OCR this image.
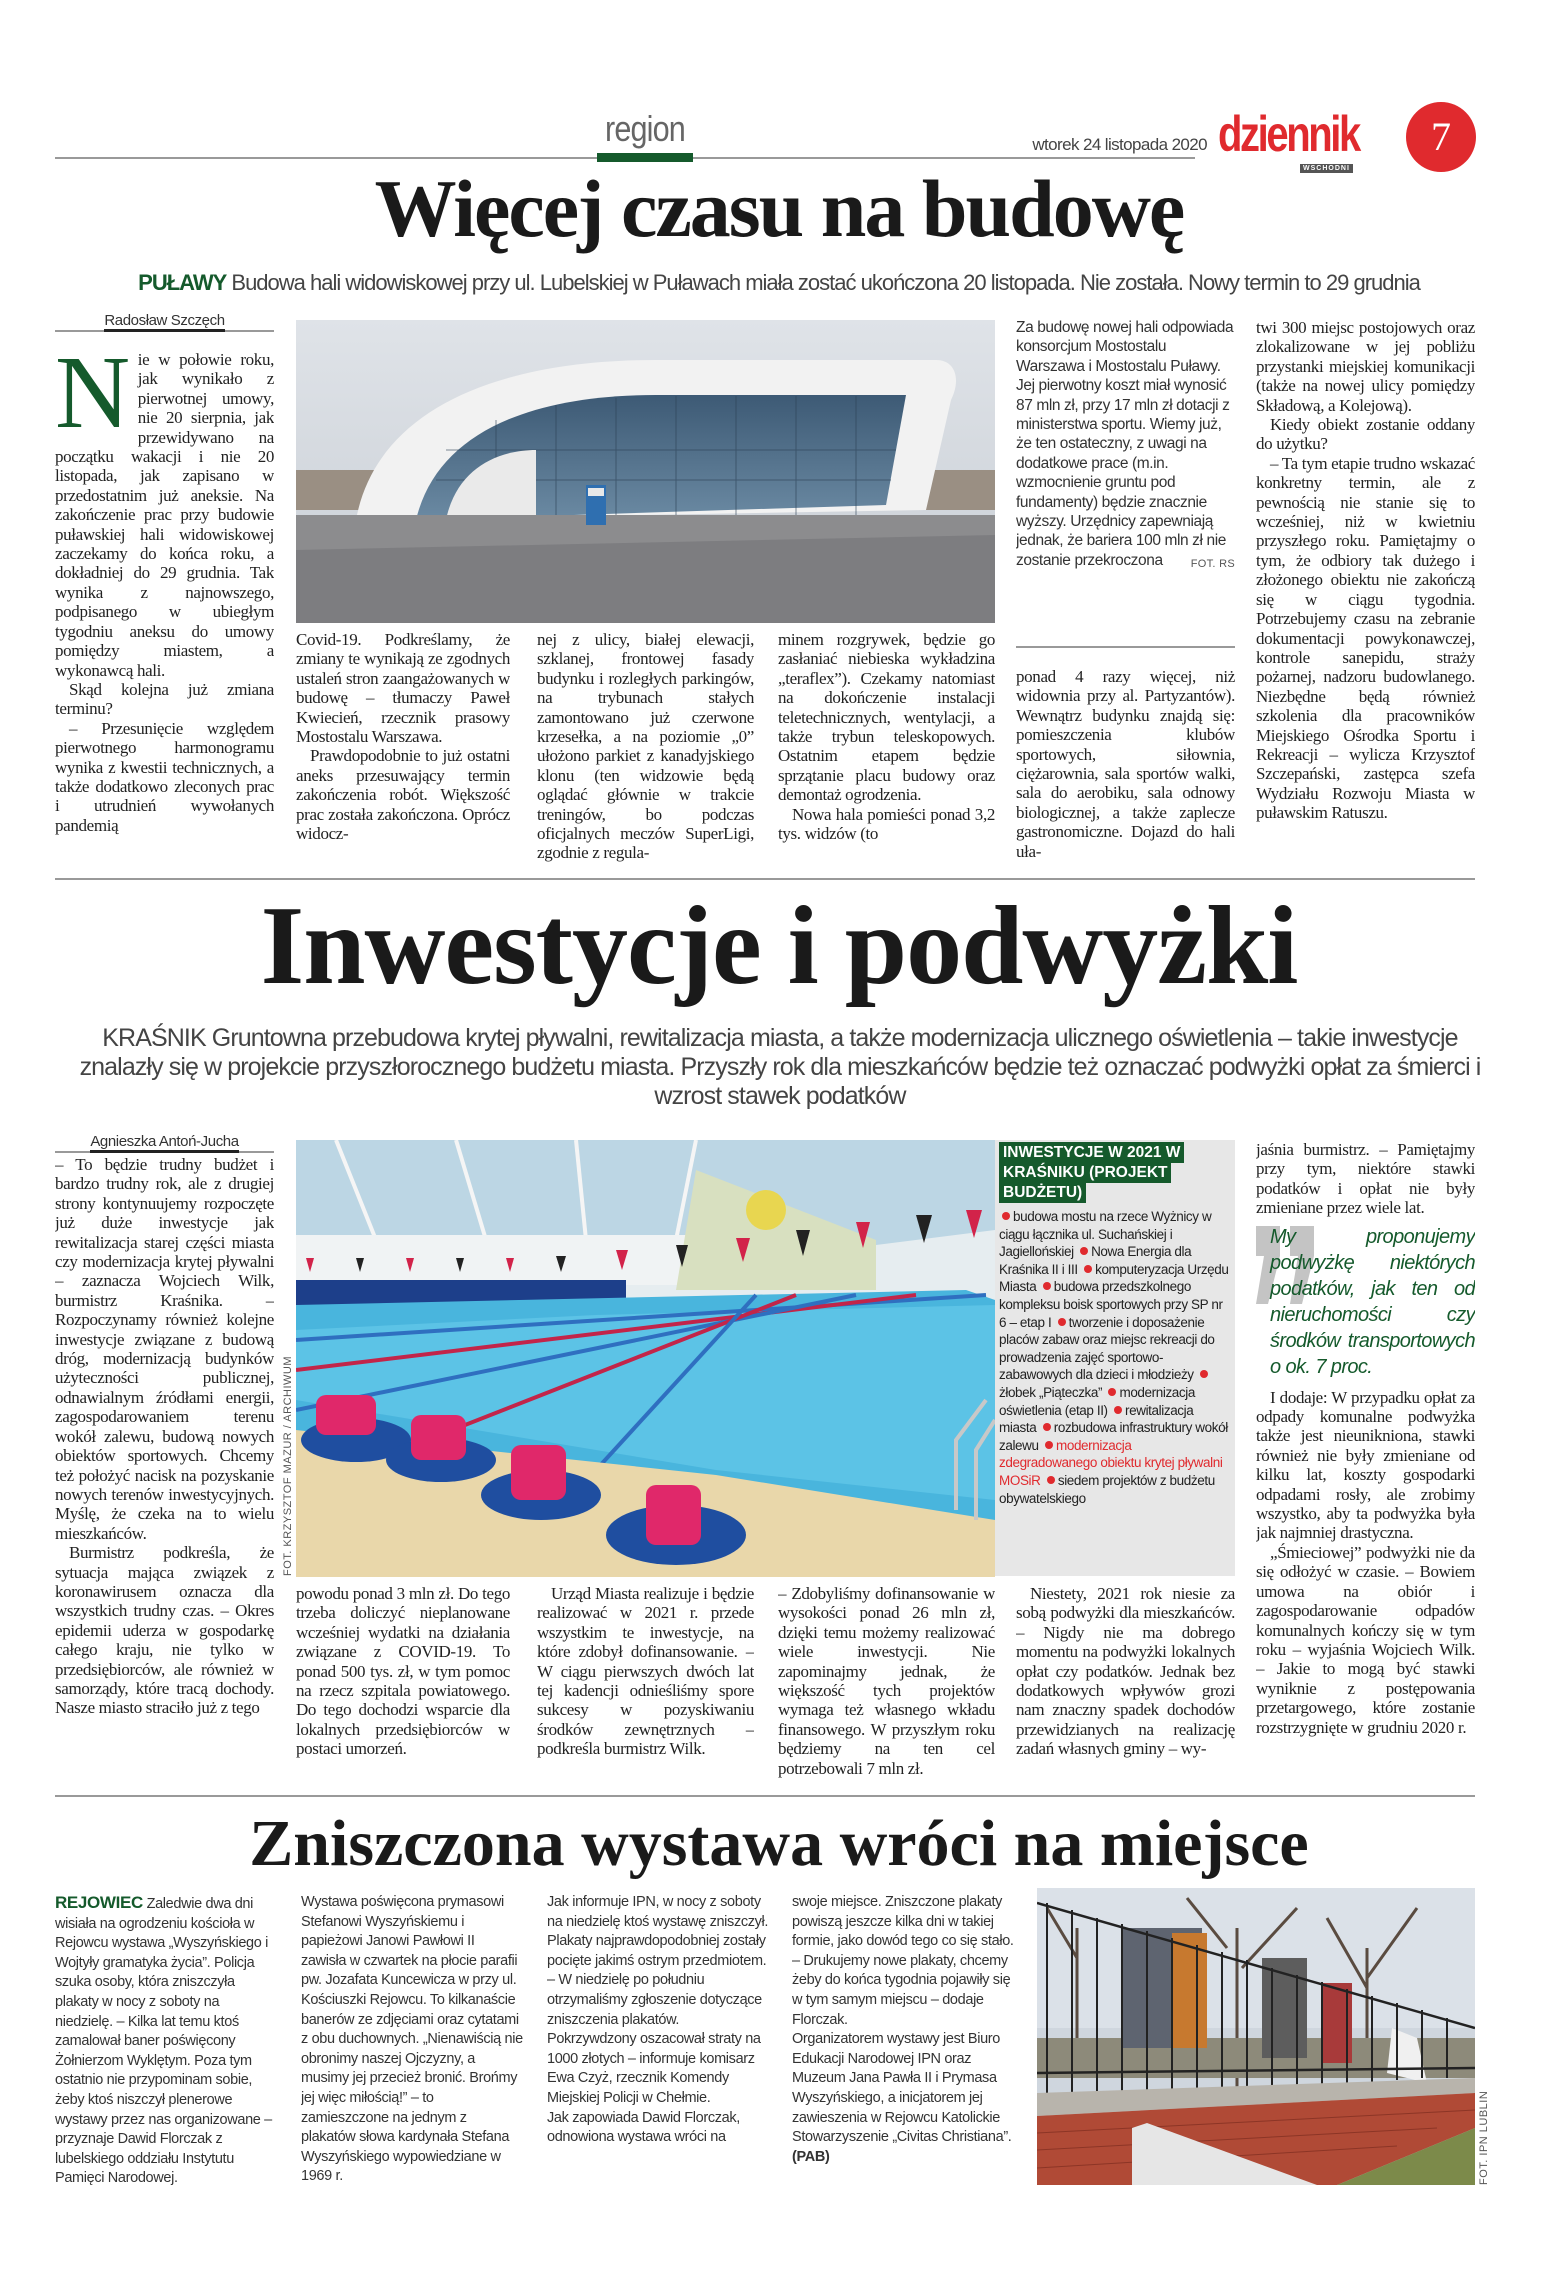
region	wtorek 24 listopada 2020 dziennik
WSCHODNI
7
Więcej czasu na budowę
PUŁAWY Budowa hali widowiskowej przy ul. Lubelskiej w Puławach miała zostać ukończona 20 listopada. Nie została. Nowy termin to 29 grudnia
Radosław Szczęch
N ie w połowie roku, jak wynikało z pierwotnej umowy, nie 20 sierpnia, jak przewidywano na początku wakacji i nie 20 listopada, jak zapisano w przedostatnim już aneksie. Na zakończenie prac przy budowie puławskiej hali widowiskowej zaczekamy do końca roku, a dokładniej do 29 grudnia. Tak wynika z najnowszego, podpisanego w ubiegłym tygodniu aneksu do umowy pomiędzy miastem, a wykonawcą hali.

Skąd kolejna już zmiana terminu?

– Przesunięcie względem pierwotnego harmonogramu wynika z kwestii technicznych, a także dodatkowo zleconych prac i utrudnień wywołanych pandemią

Covid-19. Podkreślamy, że zmiany te wynikają ze zgodnych ustaleń stron zaangażowanych w budowę – tłumaczy Paweł Kwiecień, rzecznik prasowy Mostostalu Warszawa.

Prawdopodobnie to już ostatni aneks przesuwający termin zakończenia robót. Większość prac została zakończona. Oprócz widocz-

nej z ulicy, białej elewacji, szklanej, frontowej fasady budynku i rozległych parkingów, na trybunach stałych zamontowano już czerwone krzesełka, a na poziomie „0” ułożono parkiet z kanadyjskiego klonu (ten widzowie będą oglądać głównie w trakcie treningów, bo podczas oficjalnych meczów SuperLigi, zgodnie z regula-

minem rozgrywek, będzie go zasłaniać niebieska wykładzina „teraflex”). Czekamy natomiast na dokończenie instalacji teletechnicznych, wentylacji, a także trybun teleskopowych. Ostatnim etapem będzie sprzątanie placu budowy oraz demontaż ogrodzenia.

Nowa hala pomieści ponad 3,2 tys. widzów (to

Za budowę nowej hali odpowiada konsorcjum Mostostalu Warszawa i Mostostalu Puławy. Jej pierwotny koszt miał wynosić 87 mln zł, przy 17 mln zł dotacji z ministerstwa sportu. Wiemy już, że ten ostateczny, z uwagi na dodatkowe prace (m.in. wzmocnienie gruntu pod fundamenty) będzie znacznie wyższy. Urzędnicy zapewniają jednak, że bariera 100 mln zł nie zostanie przekroczona	FOT. RS

ponad 4 razy więcej, niż widownia przy al. Partyzantów). Wewnątrz budynku znajdą się: pomieszczenia klubów sportowych, siłownia, ciężarownia, sala sportów walki, sala do aerobiku, sala odnowy biologicznej, a także zaplecze gastronomiczne. Dojazd do hali uła-

twi 300 miejsc postojowych oraz zlokalizowane w jej pobliżu przystanki miejskiej komunikacji (także na nowej ulicy pomiędzy Składową, a Kolejową).

Kiedy obiekt zostanie oddany do użytku?

– Ta tym etapie trudno wskazać konkretny termin, ale z pewnością nie stanie się to wcześniej, niż w kwietniu przyszłego roku. Pamiętajmy o tym, że odbiory tak dużego i złożonego obiektu nie zakończą się w ciągu tygodnia. Potrzebujemy czasu na zebranie dokumentacji powykonawczej, kontrole sanepidu, straży pożarnej, nadzoru budowlanego. Niezbędne będą również szkolenia dla pracowników Miejskiego Ośrodka Sportu i Rekreacji – wylicza Krzysztof Szczepański, zastępca szefa Wydziału Rozwoju Miasta w puławskim Ratuszu.

Inwestycje i podwyżki
KRAŚNIK Gruntowna przebudowa krytej pływalni, rewitalizacja miasta, a także modernizacja ulicznego oświetlenia – takie inwestycje znalazły się w projekcie przyszłorocznego budżetu miasta. Przyszły rok dla mieszkańców będzie też oznaczać podwyżki opłat za śmierci i wzrost stawek podatków
Agnieszka Antoń-Jucha

– To będzie trudny budżet i bardzo trudny rok, ale z drugiej strony kontynuujemy rozpoczęte już duże inwestycje jak rewitalizacja starej części miasta czy modernizacja krytej pływalni – zaznacza Wojciech Wilk, burmistrz Kraśnika. – Rozpoczynamy również kolejne inwestycje związane z budową dróg, modernizacją budynków użyteczności publicznej, odnawialnym źródłami energii, zagospodarowaniem terenu wokół zalewu, budową nowych obiektów sportowych. Chcemy też położyć nacisk na pozyskanie nowych terenów inwestycyjnych. Myślę, że czeka na to wielu mieszkańców.

Burmistrz podkreśla, że sytuacja mająca związek z koronawirusem oznacza dla wszystkich trudny czas. – Okres epidemii uderza w gospodarkę całego kraju, nie tylko w przedsiębiorców, ale również w samorządy, które tracą dochody. Nasze miasto straciło już z tego

FOT. KRZYSZTOF MAZUR / ARCHIWUM
INWESTYCJE W 2021 W KRAŚNIKU (PROJEKT BUDŻETU)
budowa mostu na rzece Wyżnicy w ciągu łącznika ul. Suchańskiej i Jagiellońskiej Nowa Energia dla Kraśnika II i III komputeryzacja Urzędu Miasta budowa przedszkolnego kompleksu boisk sportowych przy SP nr 6 – etap I tworzenie i doposażenie placów zabaw oraz miejsc rekreacji do prowadzenia zajęć sportowo-zabawowych dla dzieci i młodzieży żłobek „Piąteczka” modernizacja oświetlenia (etap II) rewitalizacja miasta rozbudowa infrastruktury wokół zalewu modernizacja zdegradowanego obiektu krytej pływalni MOSiR siedem projektów z budżetu obywatelskiego

powodu ponad 3 mln zł. Do tego trzeba doliczyć nieplanowane wcześniej wydatki na działania związane z COVID-19. To ponad 500 tys. zł, w tym pomoc na rzecz szpitala powiatowego. Do tego dochodzi wsparcie dla lokalnych przedsiębiorców w postaci umorzeń.

Urząd Miasta realizuje i będzie realizować w 2021 r. przede wszystkim te inwestycje, na które zdobył dofinansowanie. – W ciągu pierwszych dwóch lat tej kadencji odnieśliśmy spore sukcesy w pozyskiwaniu środków zewnętrznych – podkreśla burmistrz Wilk.

– Zdobyliśmy dofinansowanie w wysokości ponad 26 mln zł, dzięki temu możemy realizować wiele inwestycji. Nie zapominajmy jednak, że większość tych projektów wymaga też własnego wkładu finansowego. W przyszłym roku będziemy na ten cel potrzebowali 7 mln zł.

Niestety, 2021 rok niesie za sobą podwyżki dla mieszkańców. – Nigdy nie ma dobrego momentu na podwyżki lokalnych opłat czy podatków. Jednak bez dodatkowych wpływów grozi nam znaczny spadek dochodów przewidzianych na realizację zadań własnych gminy – wy-

jaśnia burmistrz. – Pamiętajmy przy tym, niektóre stawki podatków i opłat nie były zmieniane przez wiele lat.

My proponujemy podwyżkę niektórych podatków, jak ten od nieruchomości czy środków transportowych o ok. 7 proc.

I dodaje: W przypadku opłat za odpady komunalne podwyżka także jest nieunikniona, stawki również nie były zmieniane od kilku lat, koszty gospodarki odpadami rosły, ale zrobimy wszystko, aby ta podwyżka była jak najmniej drastyczna.

„Śmieciowej” podwyżki nie da się odłożyć w czasie. – Bowiem umowa na obiór i zagospodarowanie odpadów komunalnych kończy się w tym roku – wyjaśnia Wojciech Wilk. – Jakie to mogą być stawki wyniknie z postępowania przetargowego, które zostanie rozstrzygnięte w grudniu 2020 r.

Zniszczona wystawa wróci na miejsce
REJOWIEC Zaledwie dwa dni wisiała na ogrodzeniu kościoła w Rejowcu wystawa „Wyszyńskiego i Wojtyły gramatyka życia”. Policja szuka osoby, która zniszczyła plakaty w nocy z soboty na niedzielę. – Kilka lat temu ktoś zamalował baner poświęcony Żołnierzom Wyklętym. Poza tym ostatnio nie przypominam sobie, żeby ktoś niszczył plenerowe wystawy przez nas organizowane – przyznaje Dawid Florczak z lubelskiego oddziału Instytutu Pamięci Narodowej.
Wystawa poświęcona prymasowi Stefanowi Wyszyńskiemu i papieżowi Janowi Pawłowi II zawisła w czwartek na płocie parafii pw. Jozafata Kuncewicza w przy ul. Kościuszki Rejowcu. To kilkanaście banerów ze zdjęciami oraz cytatami z obu duchownych. „Nienawiścią nie obronimy naszej Ojczyzny, a musimy jej przecież bronić. Brońmy jej więc miłością!” – to zamieszczone na jednym z plakatów słowa kardynała Stefana Wyszyńskiego wypowiedziane w 1969 r.
Jak informuje IPN, w nocy z soboty na niedzielę ktoś wystawę zniszczył. Plakaty najprawdopodobniej zostały pocięte jakimś ostrym przedmiotem. – W niedzielę po południu otrzymaliśmy zgłoszenie dotyczące zniszczenia plakatów. Pokrzywdzony oszacował straty na 1000 złotych – informuje komisarz Ewa Czyż, rzecznik Komendy Miejskiej Policji w Chełmie.
Jak zapowiada Dawid Florczak, odnowiona wystawa wróci na
swoje miejsce. Zniszczone plakaty powiszą jeszcze kilka dni w takiej formie, jako dowód tego co się stało. – Drukujemy nowe plakaty, chcemy żeby do końca tygodnia pojawiły się w tym samym miejscu – dodaje Florczak.
Organizatorem wystawy jest Biuro Edukacji Narodowej IPN oraz Muzeum Jana Pawła II i Prymasa Wyszyńskiego, a inicjatorem jej zawieszenia w Rejowcu Katolickie Stowarzyszenie „Civitas Christiana”. (PAB)	FOT. IPN LUBLIN
